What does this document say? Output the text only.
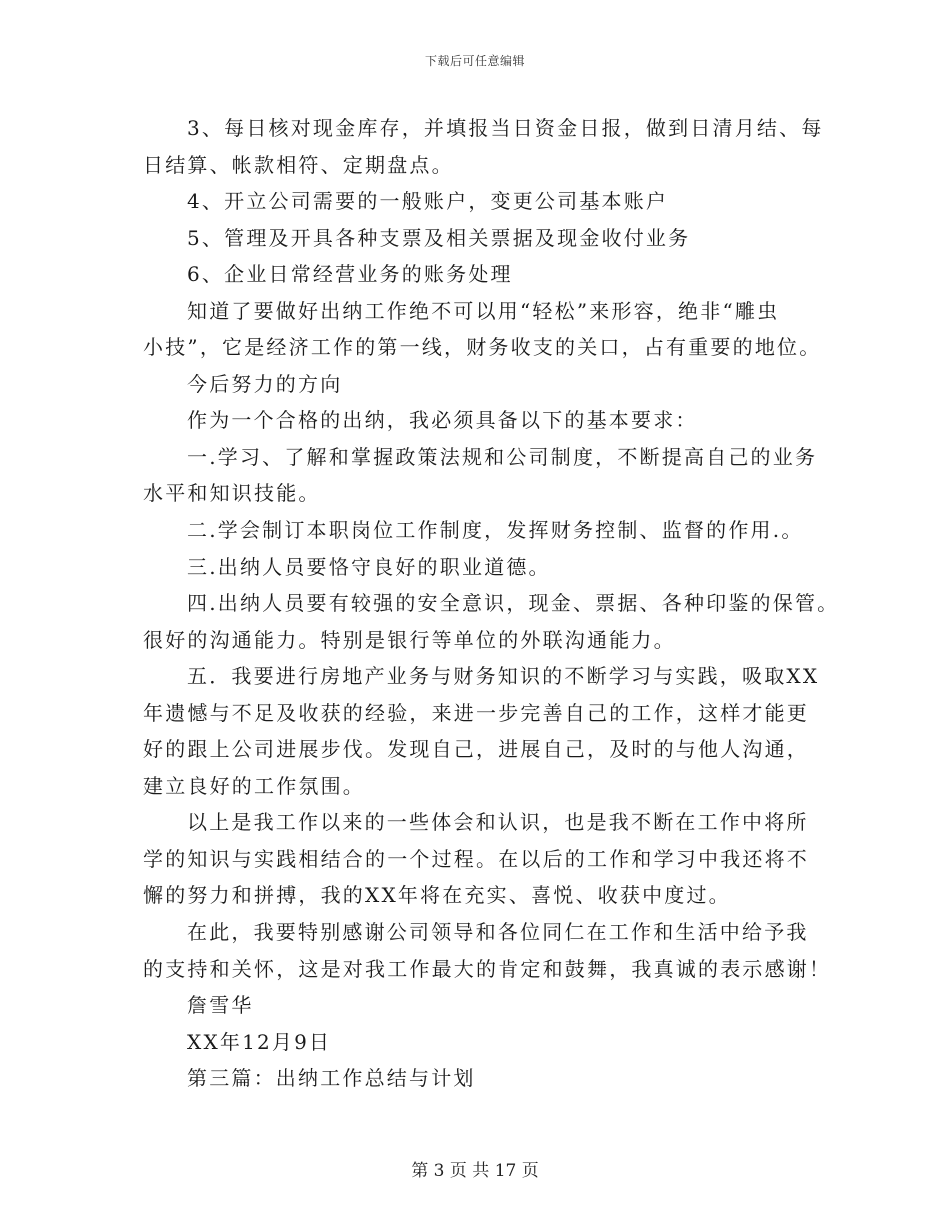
下载后可任意编辑
3、每日核对现金库存，并填报当日资金日报，做到日清月结、每
日结算、帐款相符、定期盘点。
4、开立公司需要的一般账户，变更公司基本账户
5、管理及开具各种支票及相关票据及现金收付业务
6、企业日常经营业务的账务处理
知道了要做好出纳工作绝不可以用“轻松”来形容，绝非“雕虫
小技”，它是经济工作的第一线，财务收支的关口，占有重要的地位。
今后努力的方向
作为一个合格的出纳，我必须具备以下的基本要求：
一.学习、了解和掌握政策法规和公司制度，不断提高自己的业务
水平和知识技能。
二.学会制订本职岗位工作制度，发挥财务控制、监督的作用.。
三.出纳人员要恪守良好的职业道德。
四.出纳人员要有较强的安全意识，现金、票据、各种印鉴的保管。
很好的沟通能力。特别是银行等单位的外联沟通能力。
五．我要进行房地产业务与财务知识的不断学习与实践，吸取XX
年遗憾与不足及收获的经验，来进一步完善自己的工作，这样才能更
好的跟上公司进展步伐。发现自己，进展自己，及时的与他人沟通，
建立良好的工作氛围。
以上是我工作以来的一些体会和认识，也是我不断在工作中将所
学的知识与实践相结合的一个过程。在以后的工作和学习中我还将不
懈的努力和拼搏，我的XX年将在充实、喜悦、收获中度过。
在此，我要特别感谢公司领导和各位同仁在工作和生活中给予我
的支持和关怀，这是对我工作最大的肯定和鼓舞，我真诚的表示感谢！
詹雪华
XX年12月9日
第三篇：出纳工作总结与计划
第 3 页 共 17 页
